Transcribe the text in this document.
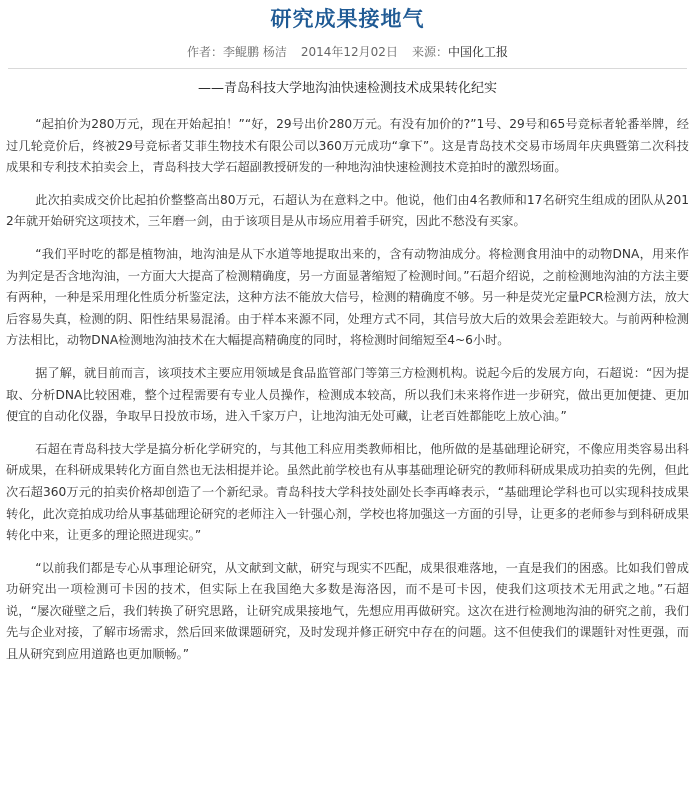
研究成果接地气
作者：李鲲鹏 杨洁 2014年12月02日 来源：中国化工报
——青岛科技大学地沟油快速检测技术成果转化纪实

“起拍价为280万元，现在开始起拍！”“好，29号出价280万元。有没有加价的?”1号、29号和65号竞标者轮番举牌，经过几轮竞价后，终被29号竞标者艾菲生物技术有限公司以360万元成功“拿下”。这是青岛技术交易市场周年庆典暨第二次科技成果和专利技术拍卖会上，青岛科技大学石超副教授研发的一种地沟油快速检测技术竞拍时的激烈场面。

此次拍卖成交价比起拍价整整高出80万元，石超认为在意料之中。他说，他们由4名教师和17名研究生组成的团队从2012年就开始研究这项技术，三年磨一剑，由于该项目是从市场应用着手研究，因此不愁没有买家。

“我们平时吃的都是植物油，地沟油是从下水道等地提取出来的，含有动物油成分。将检测食用油中的动物DNA，用来作为判定是否含地沟油，一方面大大提高了检测精确度，另一方面显著缩短了检测时间。”石超介绍说，之前检测地沟油的方法主要有两种，一种是采用理化性质分析鉴定法，这种方法不能放大信号，检测的精确度不够。另一种是荧光定量PCR检测方法，放大后容易失真，检测的阴、阳性结果易混淆。由于样本来源不同，处理方式不同，其信号放大后的效果会差距较大。与前两种检测方法相比，动物DNA检测地沟油技术在大幅提高精确度的同时，将检测时间缩短至4~6小时。

据了解，就目前而言，该项技术主要应用领域是食品监管部门等第三方检测机构。说起今后的发展方向，石超说：“因为提取、分析DNA比较困难，整个过程需要有专业人员操作，检测成本较高，所以我们未来将作进一步研究，做出更加便捷、更加便宜的自动化仪器，争取早日投放市场，进入千家万户，让地沟油无处可藏，让老百姓都能吃上放心油。”

石超在青岛科技大学是搞分析化学研究的，与其他工科应用类教师相比，他所做的是基础理论研究，不像应用类容易出科研成果，在科研成果转化方面自然也无法相提并论。虽然此前学校也有从事基础理论研究的教师科研成果成功拍卖的先例，但此次石超360万元的拍卖价格却创造了一个新纪录。青岛科技大学科技处副处长李再峰表示，“基础理论学科也可以实现科技成果转化，此次竞拍成功给从事基础理论研究的老师注入一针强心剂，学校也将加强这一方面的引导，让更多的老师参与到科研成果转化中来，让更多的理论照进现实。”

“以前我们都是专心从事理论研究，从文献到文献，研究与现实不匹配，成果很难落地，一直是我们的困惑。比如我们曾成功研究出一项检测可卡因的技术，但实际上在我国绝大多数是海洛因，而不是可卡因，使我们这项技术无用武之地。”石超说，“屡次碰壁之后，我们转换了研究思路，让研究成果接地气，先想应用再做研究。这次在进行检测地沟油的研究之前，我们先与企业对接，了解市场需求，然后回来做课题研究，及时发现并修正研究中存在的问题。这不但使我们的课题针对性更强，而且从研究到应用道路也更加顺畅。”
